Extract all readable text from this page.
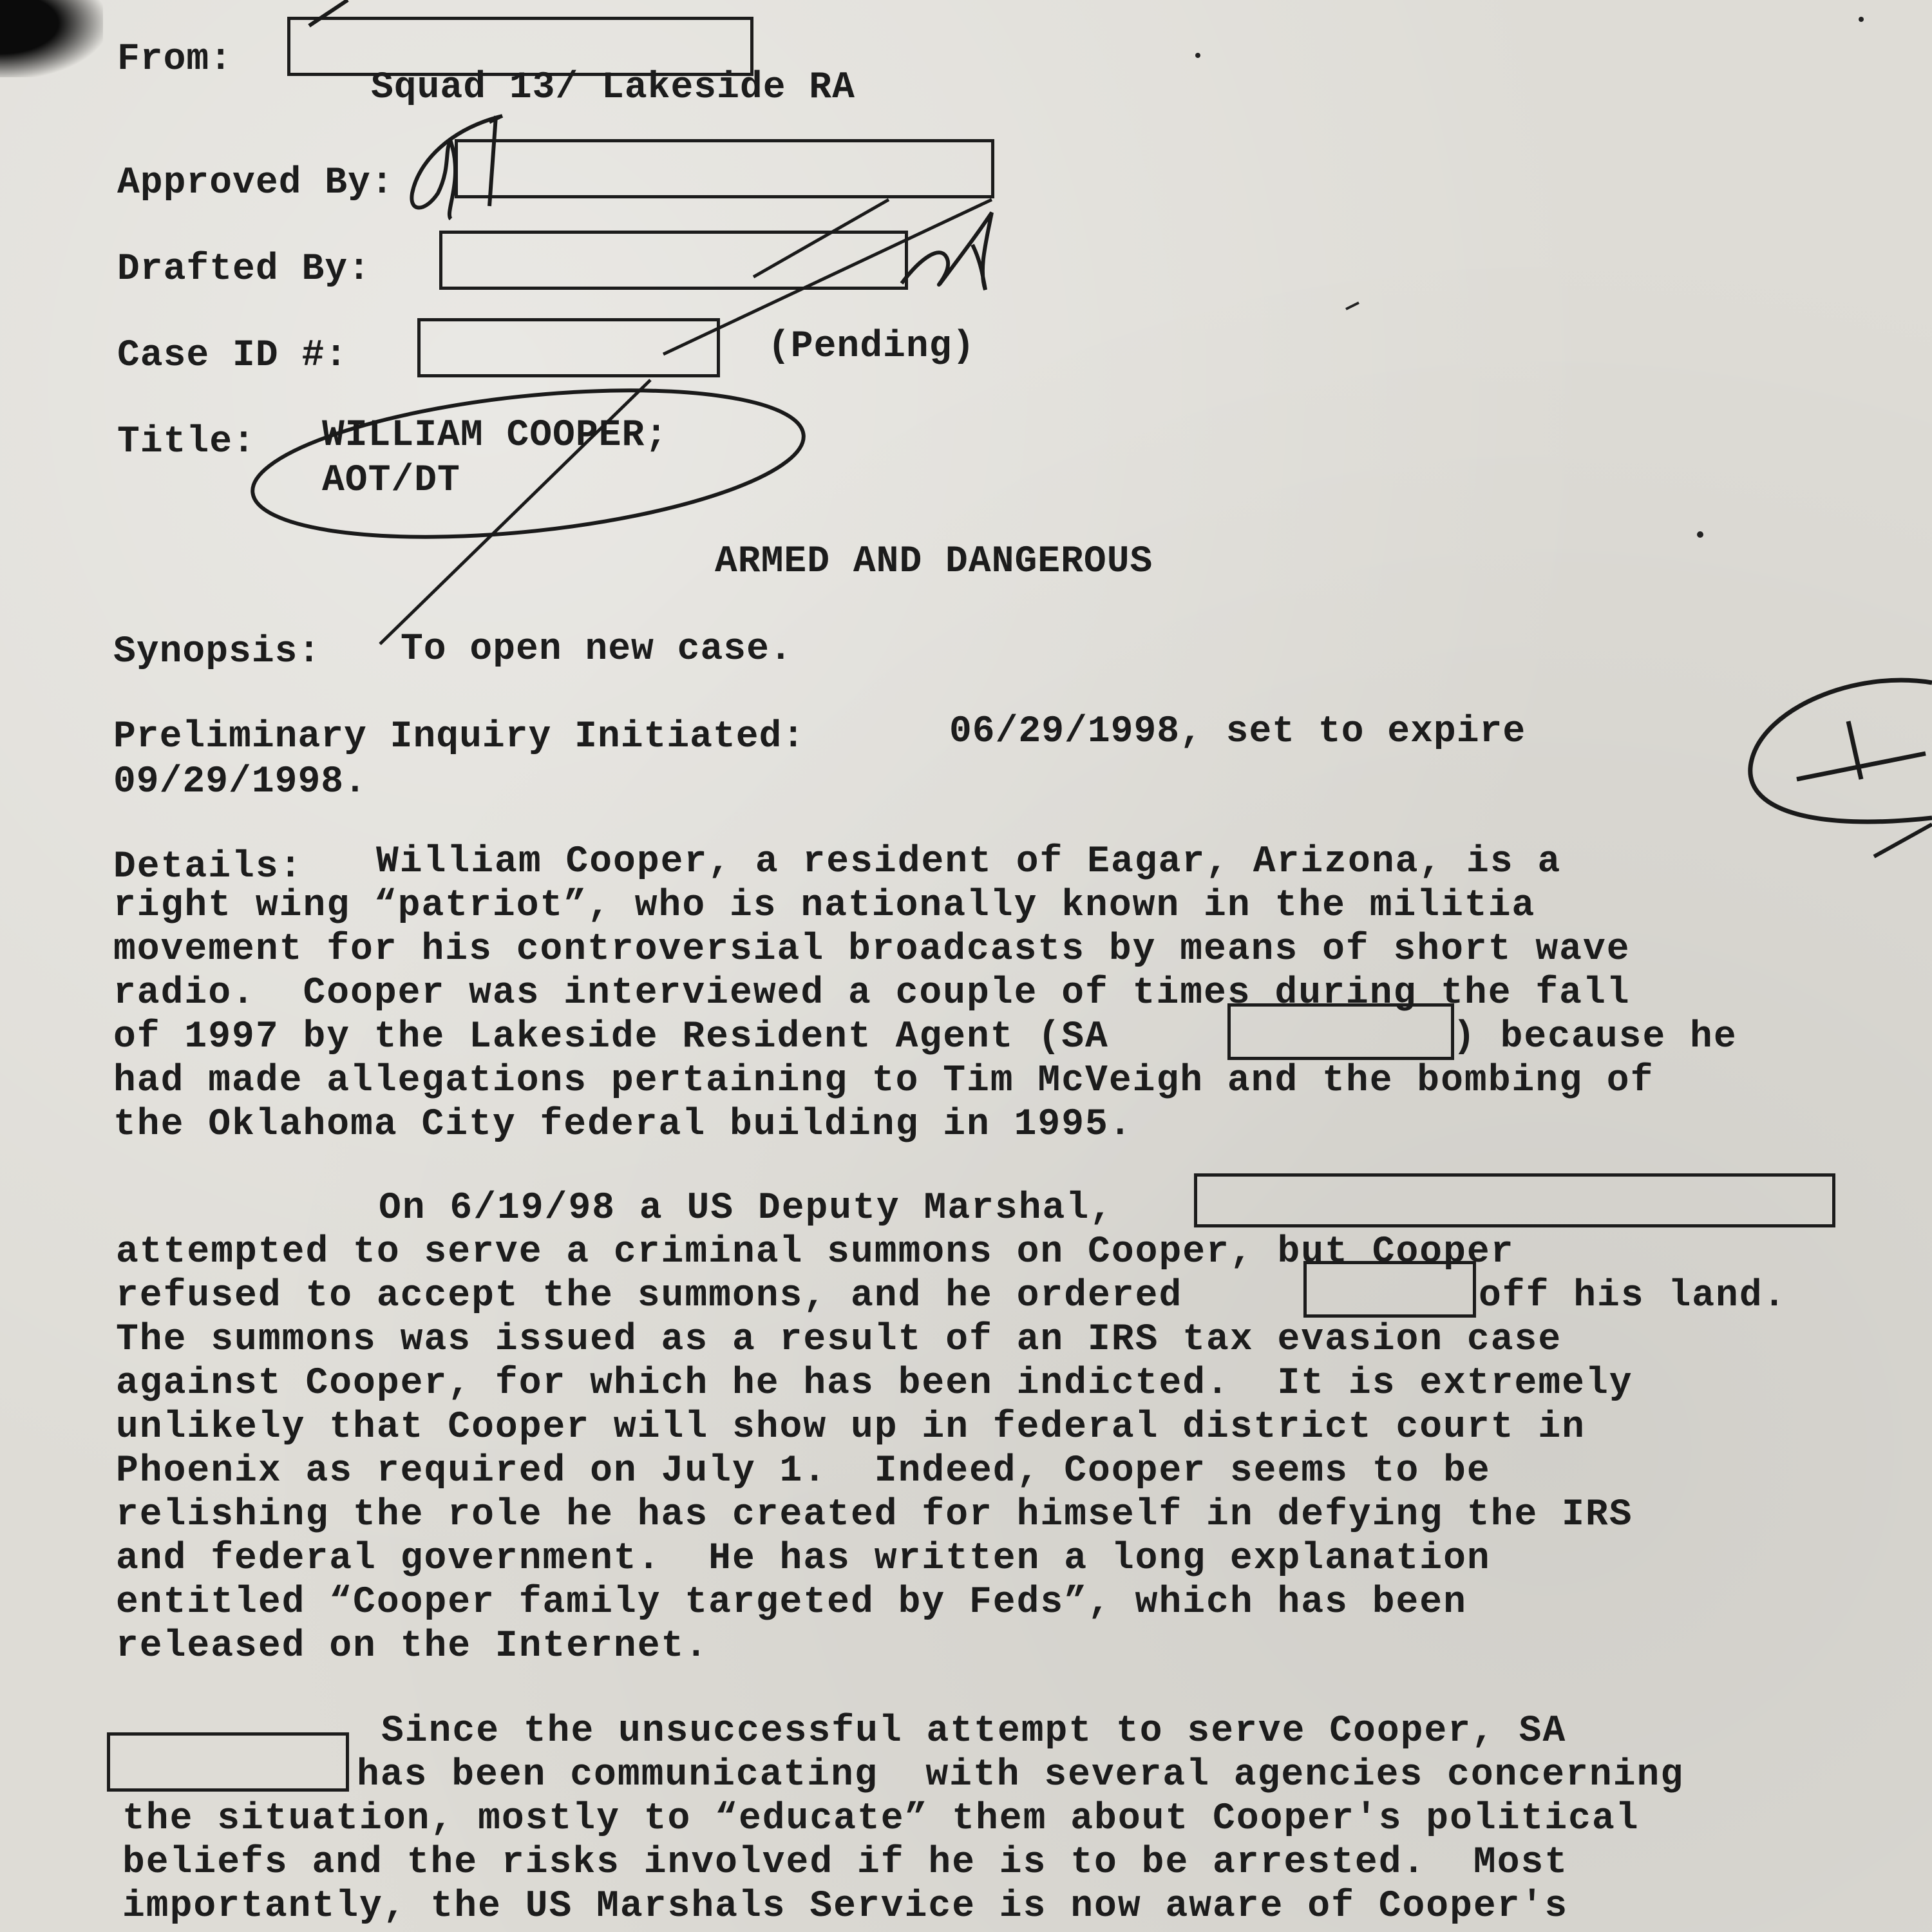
From:
Squad 13/ Lakeside RA
Approved By:
Drafted By:
Case ID #:	(Pending)
Title: WILLIAM COOPER;
AOT/DT
ARMED AND DANGEROUS
Synopsis: To open new case.
Preliminary Inquiry Initiated:	06/29/1998, set to expire
09/29/1998.
Details: William Cooper, a resident of Eagar, Arizona, is a
right wing “patriot”, who is nationally known in the militia
movement for his controversial broadcasts by means of short wave
radio.  Cooper was interviewed a couple of times during the fall
of 1997 by the Lakeside Resident Agent (SA	) because he
had made allegations pertaining to Tim McVeigh and the bombing of
the Oklahoma City federal building in 1995.
On 6/19/98 a US Deputy Marshal,
attempted to serve a criminal summons on Cooper, but Cooper
refused to accept the summons, and he ordered	off his land.
The summons was issued as a result of an IRS tax evasion case
against Cooper, for which he has been indicted.  It is extremely
unlikely that Cooper will show up in federal district court in
Phoenix as required on July 1.  Indeed, Cooper seems to be
relishing the role he has created for himself in defying the IRS
and federal government.  He has written a long explanation
entitled “Cooper family targeted by Feds”, which has been
released on the Internet.
Since the unsuccessful attempt to serve Cooper, SA
has been communicating  with several agencies concerning
the situation, mostly to “educate” them about Cooper's political
beliefs and the risks involved if he is to be arrested.  Most
importantly, the US Marshals Service is now aware of Cooper's
